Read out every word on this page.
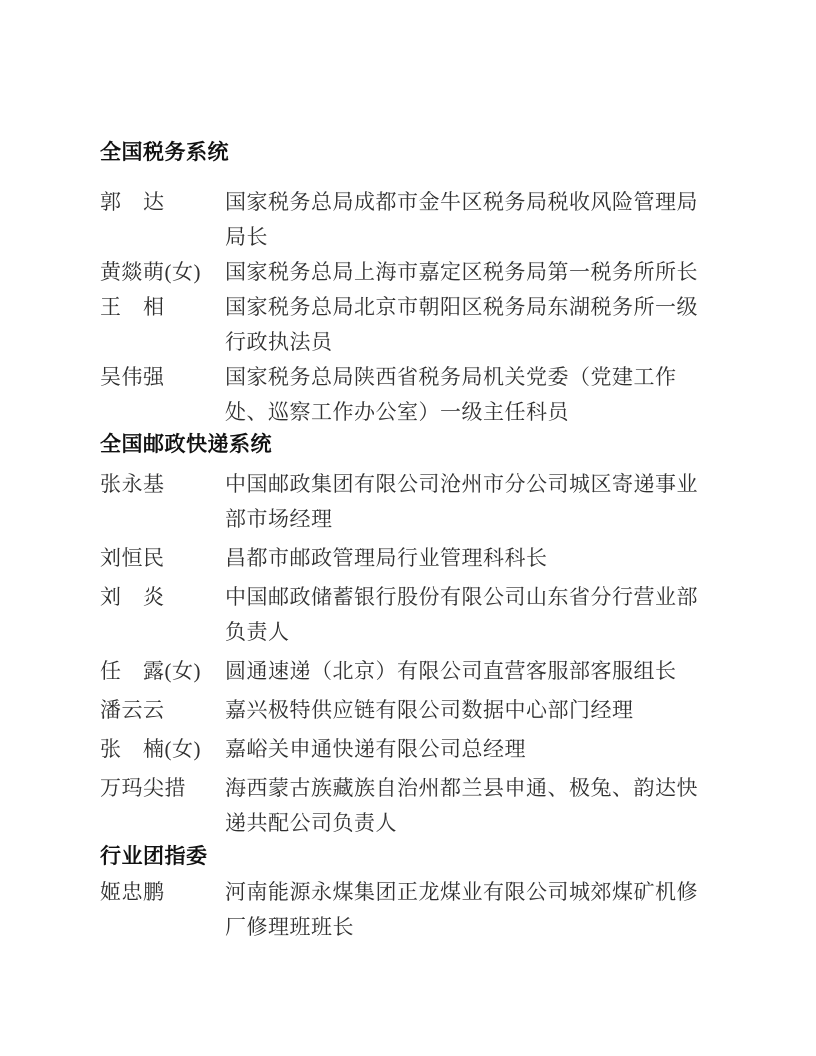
全国税务系统
郭　达	国家税务总局成都市金牛区税务局税收风险管理局局长
黄燚萌(女)	国家税务总局上海市嘉定区税务局第一税务所所长
王　相	国家税务总局北京市朝阳区税务局东湖税务所一级行政执法员
吴伟强	国家税务总局陕西省税务局机关党委（党建工作处、巡察工作办公室）一级主任科员
全国邮政快递系统
张永基	中国邮政集团有限公司沧州市分公司城区寄递事业部市场经理
刘恒民	昌都市邮政管理局行业管理科科长
刘　炎	中国邮政储蓄银行股份有限公司山东省分行营业部负责人
任　露(女)	圆通速递（北京）有限公司直营客服部客服组长
潘云云	嘉兴极特供应链有限公司数据中心部门经理
张　楠(女)	嘉峪关申通快递有限公司总经理
万玛尖措	海西蒙古族藏族自治州都兰县申通、极兔、韵达快递共配公司负责人
行业团指委
姬忠鹏	河南能源永煤集团正龙煤业有限公司城郊煤矿机修厂修理班班长
